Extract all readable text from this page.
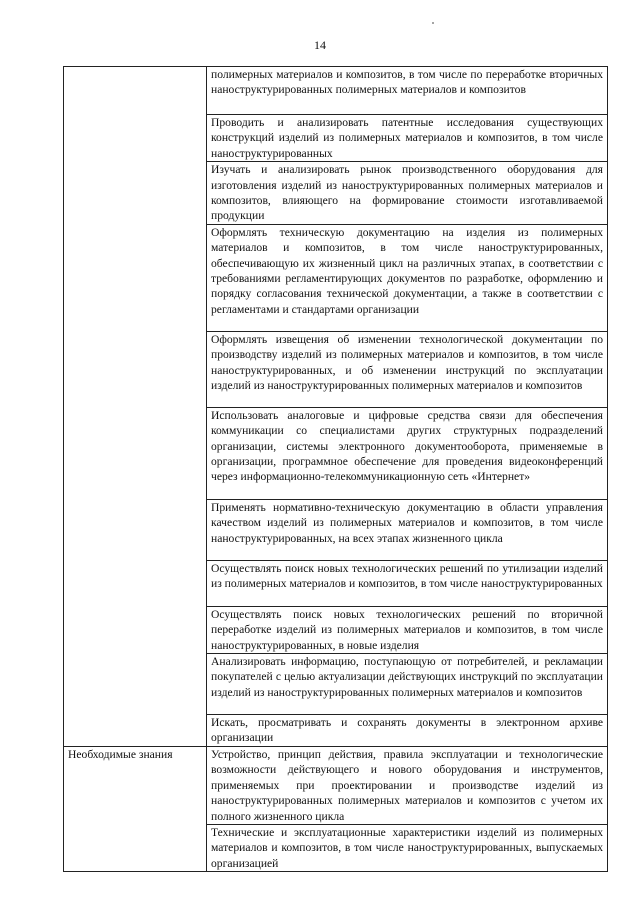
14

	полимерных материалов и композитов, в том числе по переработке вторичных наноструктурированных полимерных материалов и композитов

	Проводить и анализировать патентные исследования существующих конструкций изделий из полимерных материалов и композитов, в том числе наноструктурированных

	Изучать и анализировать рынок производственного оборудования для изготовления изделий из наноструктурированных полимерных материалов и композитов, влияющего на формирование стоимости изготавливаемой продукции

	Оформлять техническую документацию на изделия из полимерных материалов и композитов, в том числе наноструктурированных, обеспечивающую их жизненный цикл на различных этапах, в соответствии с требованиями регламентирующих документов по разработке, оформлению и порядку согласования технической документации, а также в соответствии с регламентами и стандартами организации

	Оформлять извещения об изменении технологической документации по производству изделий из полимерных материалов и композитов, в том числе наноструктурированных, и об изменении инструкций по эксплуатации изделий из наноструктурированных полимерных материалов и композитов

	Использовать аналоговые и цифровые средства связи для обеспечения коммуникации со специалистами других структурных подразделений организации, системы электронного документооборота, применяемые в организации, программное обеспечение для проведения видеоконференций через информационно-телекоммуникационную сеть «Интернет»

	Применять нормативно-техническую документацию в области управления качеством изделий из полимерных материалов и композитов, в том числе наноструктурированных, на всех этапах жизненного цикла

	Осуществлять поиск новых технологических решений по утилизации изделий из полимерных материалов и композитов, в том числе наноструктурированных

	Осуществлять поиск новых технологических решений по вторичной переработке изделий из полимерных материалов и композитов, в том числе наноструктурированных, в новые изделия

	Анализировать информацию, поступающую от потребителей, и рекламации покупателей с целью актуализации действующих инструкций по эксплуатации изделий из наноструктурированных полимерных материалов и композитов

	Искать, просматривать и сохранять документы в электронном архиве организации

Необходимые знания	Устройство, принцип действия, правила эксплуатации и технологические возможности действующего и нового оборудования и инструментов, применяемых при проектировании и производстве изделий из наноструктурированных полимерных материалов и композитов с учетом их полного жизненного цикла

	Технические и эксплуатационные характеристики изделий из полимерных материалов и композитов, в том числе наноструктурированных, выпускаемых организацией
